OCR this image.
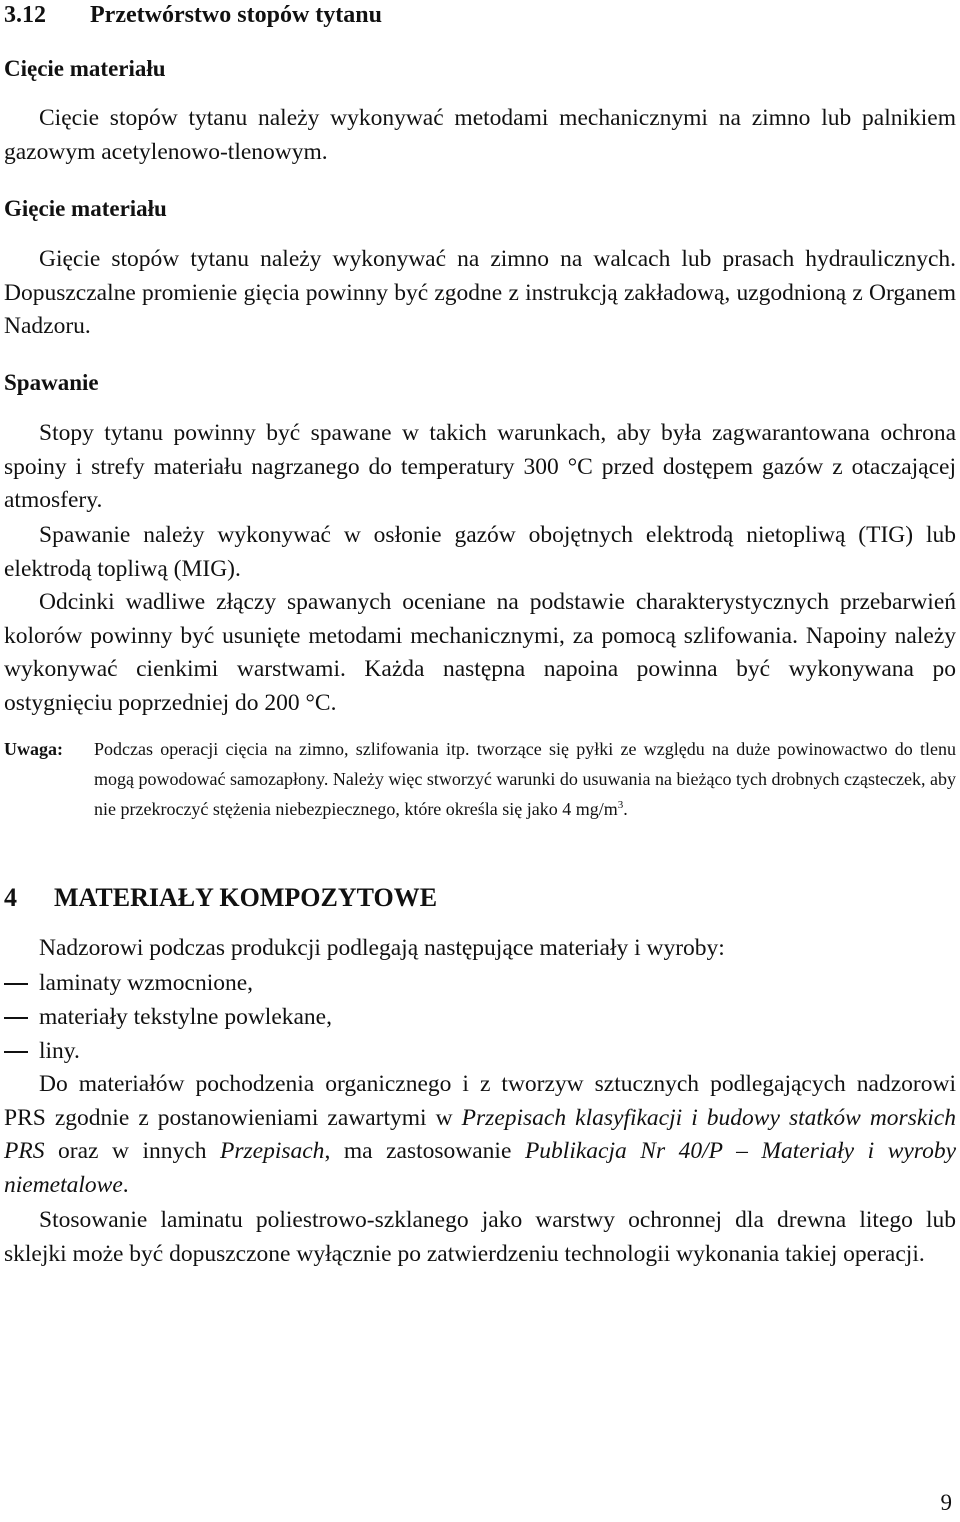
3.12 Przetwórstwo stopów tytanu
Cięcie materiału
Cięcie stopów tytanu należy wykonywać metodami mechanicznymi na zimno lub palnikiem gazowym acetylenowo-tlenowym.
Gięcie materiału
Gięcie stopów tytanu należy wykonywać na zimno na walcach lub prasach hydraulicznych. Dopuszczalne promienie gięcia powinny być zgodne z instrukcją zakładową, uzgodnioną z Organem Nadzoru.
Spawanie
Stopy tytanu powinny być spawane w takich warunkach, aby była zagwarantowana ochrona spoiny i strefy materiału nagrzanego do temperatury 300 °C przed dostępem gazów z otaczającej atmosfery.
Spawanie należy wykonywać w osłonie gazów obojętnych elektrodą nietopliwą (TIG) lub elektrodą topliwą (MIG).
Odcinki wadliwe złączy spawanych oceniane na podstawie charakterystycznych przebarwień kolorów powinny być usunięte metodami mechanicznymi, za pomocą szlifowania. Napoiny należy wykonywać cienkimi warstwami. Każda następna napoina powinna być wykonywana po ostygnięciu poprzedniej do 200 °C.
Uwaga: Podczas operacji cięcia na zimno, szlifowania itp. tworzące się pyłki ze względu na duże powinowactwo do tlenu mogą powodować samozapłony. Należy więc stworzyć warunki do usuwania na bieżąco tych drobnych cząsteczek, aby nie przekroczyć stężenia niebezpiecznego, które określa się jako 4 $mg/m^3$.
4 MATERIAŁY KOMPOZYTOWE
Nadzorowi podczas produkcji podlegają następujące materiały i wyroby:
laminaty wzmocnione,
materiały tekstylne powlekane,
liny.
Do materiałów pochodzenia organicznego i z tworzyw sztucznych podlegających nadzorowi PRS zgodnie z postanowieniami zawartymi w Przepisach klasyfikacji i budowy statków morskich PRS oraz w innych Przepisach, ma zastosowanie Publikacja Nr 40/P – Materiały i wyroby niemetalowe.
Stosowanie laminatu poliestrowo-szklanego jako warstwy ochronnej dla drewna litego lub sklejki może być dopuszczone wyłącznie po zatwierdzeniu technologii wykonania takiej operacji.
9
